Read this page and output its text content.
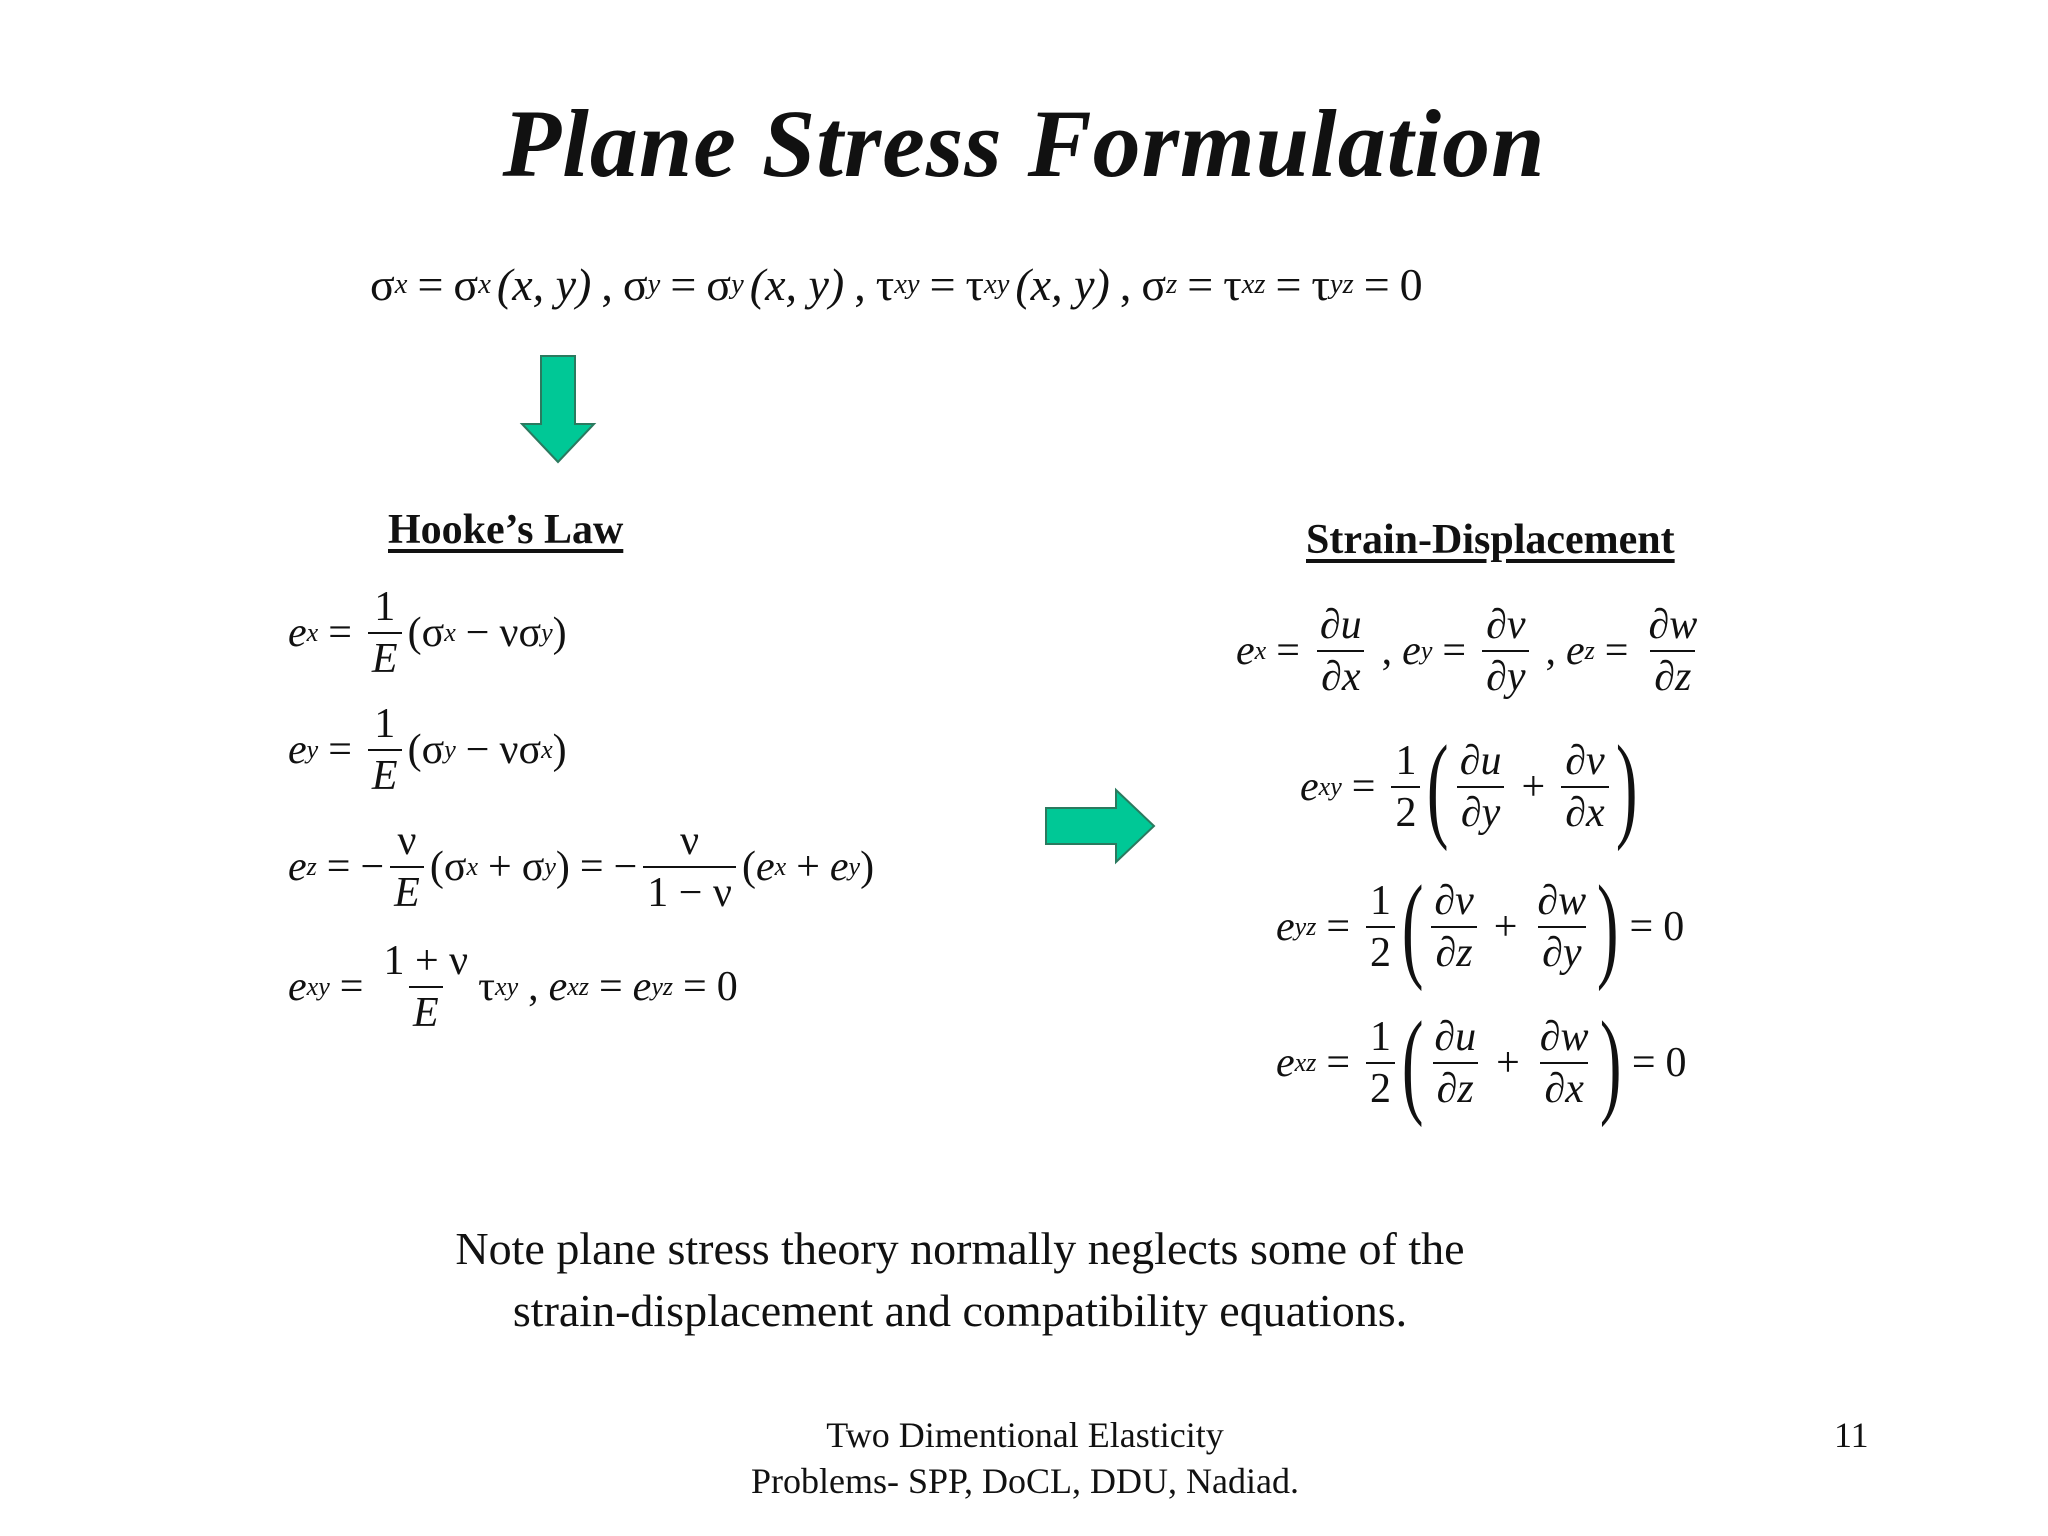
Plane Stress Formulation
σ x = σ x (x, y) , σ y = σ y (x, y) , τ xy = τ xy (x, y) , σ z = τ xz = τ yz = 0
Hooke’s Law
e $x = \frac{1}{E}$ ( σ x − ν σ y )
e $y = \frac{1}{E}$ ( σ y − ν σ x )
e z = − $\frac{\nu}{E}$ ( σ x + σ y ) = − $\frac{\nu}{1 - \nu}$ ( e x + e y )
e xy = $\frac{1 + \nu}{E}$ τ xy , e xz = e yz = 0
Strain-Displacement
e $x = \frac{\partial u}{\partial x}$ , e $y = \frac{\partial v}{\partial y}$ , e $z = \frac{\partial w}{\partial z}$
e xy = $\frac{1}{2}$ ( $\frac{\partial u}{\partial y} + \frac{\partial v}{\partial x}$ )
e yz = $\frac{1}{2}$ ( $\frac{\partial v}{\partial z} + \frac{\partial w}{\partial y}$ ) = 0
e xz = $\frac{1}{2}$ ( $\frac{\partial u}{\partial z} + \frac{\partial w}{\partial x}$ ) = 0
Note plane stress theory normally neglects some of the
strain-displacement and compatibility equations.
Two Dimentional Elasticity
Problems- SPP, DoCL, DDU, Nadiad.
11
